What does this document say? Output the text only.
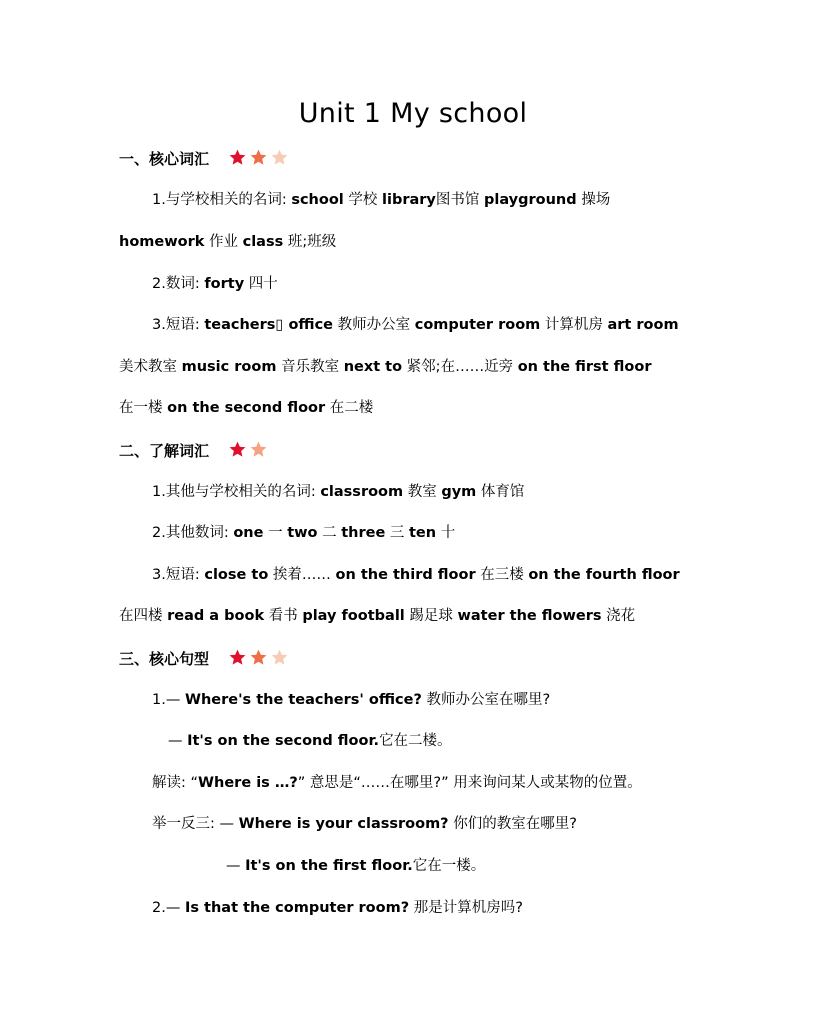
Unit 1 My school
一、核心词汇
1.与学校相关的名词: school 学校 library图书馆 playground 操场
homework 作业 class 班;班级
2.数词: forty 四十
3.短语: teachers▯ office 教师办公室 computer room 计算机房 art room
美术教室 music room 音乐教室 next to 紧邻;在……近旁 on the first floor
在一楼 on the second floor 在二楼
二、了解词汇
1.其他与学校相关的名词: classroom 教室 gym 体育馆
2.其他数词: one 一 two 二 three 三 ten 十
3.短语: close to 挨着…… on the third floor 在三楼 on the fourth floor
在四楼 read a book 看书 play football 踢足球 water the flowers 浇花
三、核心句型
1.— Where's the teachers' office? 教师办公室在哪里?
— It's on the second floor.它在二楼。
解读: “Where is …?” 意思是“……在哪里?” 用来询问某人或某物的位置。
举一反三: — Where is your classroom? 你们的教室在哪里?
— It's on the first floor.它在一楼。
2.— Is that the computer room? 那是计算机房吗?
